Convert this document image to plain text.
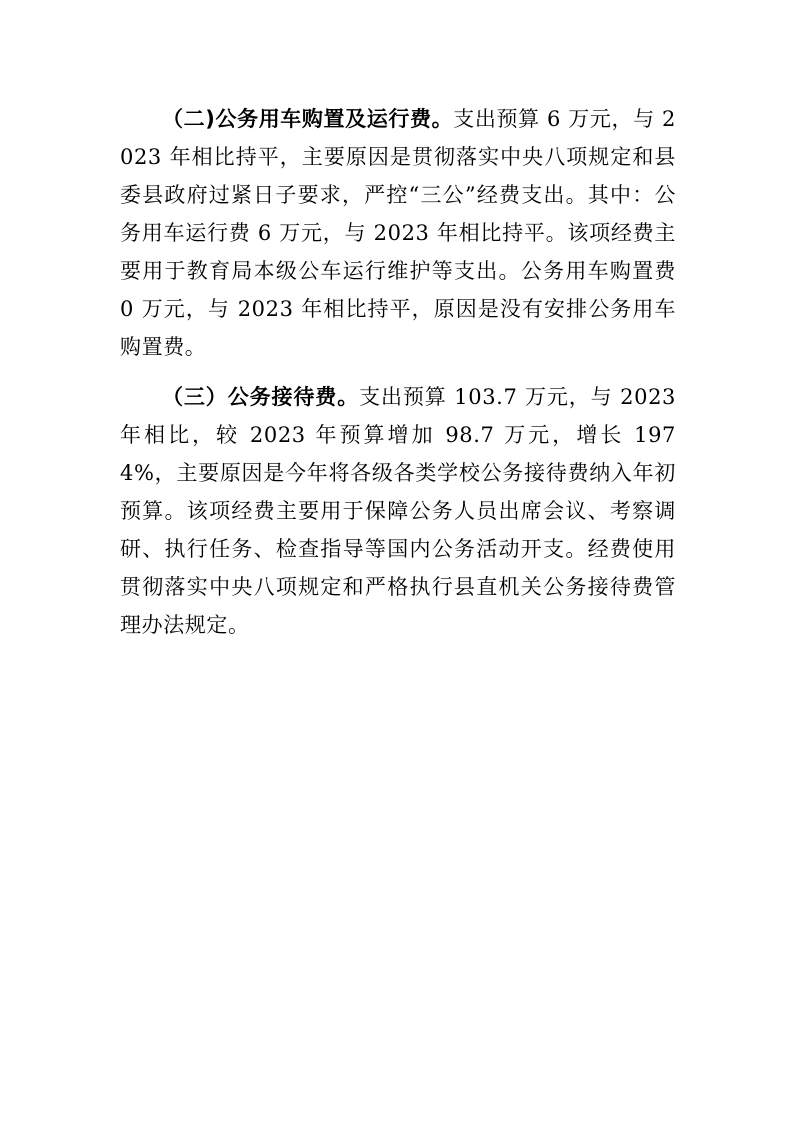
（二)公务用车购置及运行费。支出预算 6 万元，与 2023 年相比持平，主要原因是贯彻落实中央八项规定和县委县政府过紧日子要求，严控“三公”经费支出。其中：公务用车运行费 6 万元，与 2023 年相比持平。该项经费主要用于教育局本级公车运行维护等支出。公务用车购置费 0 万元，与 2023 年相比持平，原因是没有安排公务用车购置费。

（三）公务接待费。支出预算 103.7 万元，与 2023 年相比，较 2023 年预算增加 98.7 万元，增长 1974%，主要原因是今年将各级各类学校公务接待费纳入年初预算。该项经费主要用于保障公务人员出席会议、考察调研、执行任务、检查指导等国内公务活动开支。经费使用贯彻落实中央八项规定和严格执行县直机关公务接待费管理办法规定。
